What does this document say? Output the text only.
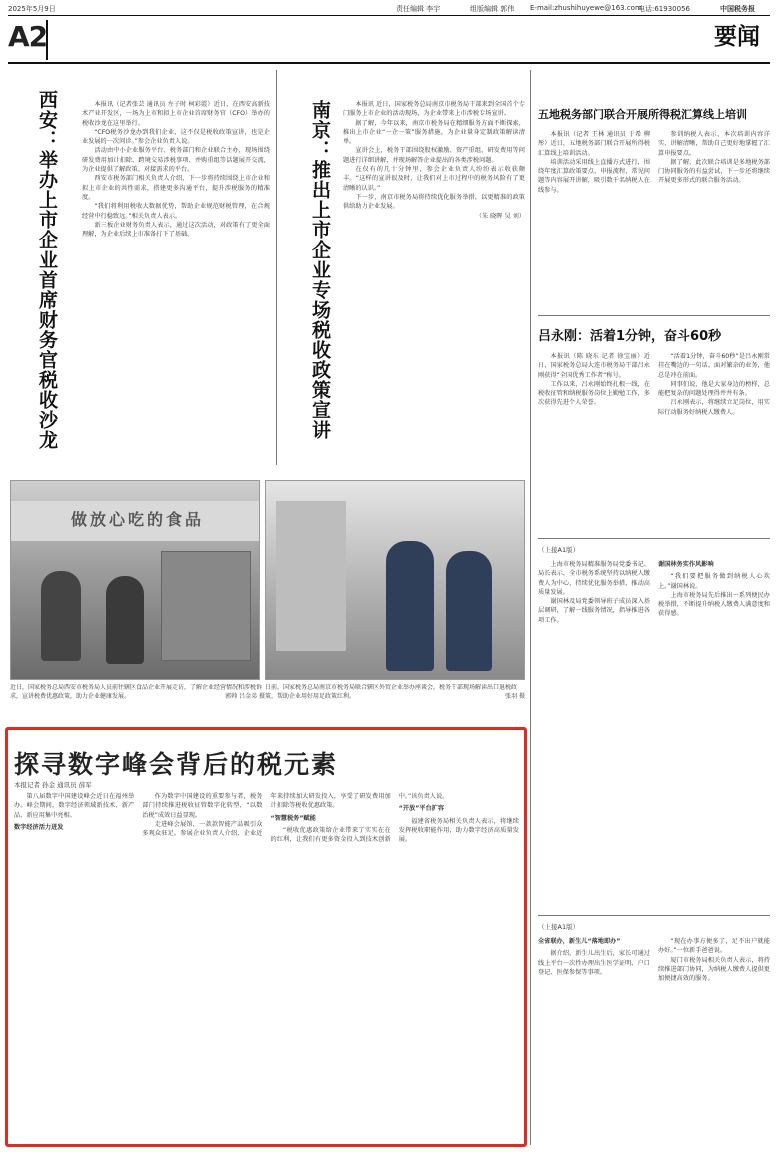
2025年5月9日	责任编辑 李宇	组版编辑 郭伟 E-mail:zhushihuyewe@163.com
电话:61930056	中国税务报
A2	要闻
西安：举办上市企业首席财务官税收沙龙	本报讯（记者张芸 通讯员 左子时 柯彩霞）近日，在西安高新技术产业开发区，一场为上市和拟上市企业首席财务官（CFO）举办的税收沙龙在这里举行。

“CFO税务沙龙办到我们企业，这不仅是税收政策宣讲，也是企业发展的一次问诊。”参会企业负责人说。

活动由中小企业服务平台、税务部门和企业联合主办，现场围绕研发费用加计扣除、跨境交易涉税事项、并购重组等话题展开交流，为企业提供了解政策、对接需求的平台。

西安市税务部门相关负责人介绍，下一步将持续围绕上市企业和拟上市企业的共性需求，搭建更多沟通平台，提升涉税服务的精准度。

“我们将利用税收大数据优势，帮助企业规范财税管理，在合规经营中行稳致远。”相关负责人表示。

新三板企业财务负责人表示，通过这次活动，对政策有了更全面理解，为企业后续上市准备打下了基础。	南京：推出上市企业专场税收政策宣讲	本报讯 近日，国家税务总局南京市税务局干部来到全国首个专门服务上市企业的活动现场，为企业带来上市涉税专场宣讲。

据了解，今年以来，南京市税务局在精细服务方面不断探索，推出上市企业“一企一策”服务措施，为企业量身定制政策解读清单。

宣讲会上，税务干部围绕股权激励、资产重组、研发费用等问题进行详细讲解，并现场解答企业提出的各类涉税问题。

在仅有的几十分钟里，参会企业负责人纷纷表示收获颇丰。“这样的宣讲很及时，让我们对上市过程中的税务风险有了更清晰的认识。”

下一步，南京市税务局将持续优化服务举措，以更精准的政策供给助力企业发展。

（朱 晓晖 吴 刘）

做放心吃的食品
近日，国家税务总局西安市税务局人员前往辖区食品企业开展走访，了解企业经营情况和涉税诉求，宣讲税费优惠政策，助力企业健康发展。	郭帅 吕金弟 摄
日前，国家税务总局南京市税务局联合辖区外贸企业举办座谈会，税务干部现场解读出口退税政策，帮助企业用好用足政策红利。	张羽 摄
五地税务部门联合开展所得税汇算线上培训

本报讯（记者 王林 通讯员 于希 柳彤）近日，五地税务部门联合开展所得税汇算线上培训活动。

培训活动采用线上直播方式进行，围绕年度汇算政策要点、申报流程、常见问题等内容展开讲解，吸引数千名纳税人在线参与。

参训纳税人表示，本次培训内容详实、讲解清晰，帮助自己更好地掌握了汇算申报要点。

据了解，此次联合培训是多地税务部门协同服务的有益尝试，下一步还将继续开展更多形式的联合服务活动。

吕永刚：活着1分钟，奋斗60秒

本报讯（陈 晓东 记者 徐宝丽）近日，国家税务总局大连市税务局干部吕永刚获得“全国优秀工作者”称号。

工作以来，吕永刚始终扎根一线，在税收征管和纳税服务岗位上勤勉工作，多次获得先进个人荣誉。

“活着1分钟，奋斗60秒”是吕永刚常挂在嘴边的一句话。面对繁杂的业务，他总是冲在前面。

同事们说，他是大家身边的榜样，总能把复杂的问题处理得井井有条。

吕永刚表示，将继续立足岗位，用实际行动服务好纳税人缴费人。

（上接A1版）

上海市税务局精准服务局党委书记、局长表示，全市税务系统坚持以纳税人缴费人为中心，持续优化服务举措，推动高质量发展。

谢国林及局党委领导班子成员深入基层调研，了解一线服务情况，指导推进各项工作。

谢国林务实作风影响

“我们要把服务做到纳税人心坎上。”谢国林说。

上海市税务局先后推出一系列便民办税举措，不断提升纳税人缴费人满意度和获得感。

（上接A1版）

全省联办，新生儿“落地即办”

据介绍，新生儿出生后，家长可通过线上平台一次性办理出生医学证明、户口登记、医保参保等事项。

“现在办事方便多了，足不出户就能办好。”一位新手爸爸说。

厦门市税务局相关负责人表示，将持续推进部门协同，为纳税人缴费人提供更加便捷高效的服务。

探寻数字峰会背后的税元素
本报记者 孙金 通讯员 薛军

第八届数字中国建设峰会近日在福州举办。峰会期间，数字经济领域新技术、新产品、新应用集中亮相。

数字经济活力迸发

作为数字中国建设的重要参与者，税务部门持续推进税收征管数字化转型，“以数治税”成效日益显现。

走进峰会展馆，一款款智能产品吸引众多观众驻足。参展企业负责人介绍，企业近年来持续加大研发投入，享受了研发费用加计扣除等税收优惠政策。

“智慧税务”赋能

“税收优惠政策给企业带来了实实在在的红利，让我们有更多资金投入到技术创新中。”该负责人说。

“开放”平台扩容

福建省税务局相关负责人表示，将继续发挥税收职能作用，助力数字经济高质量发展。
